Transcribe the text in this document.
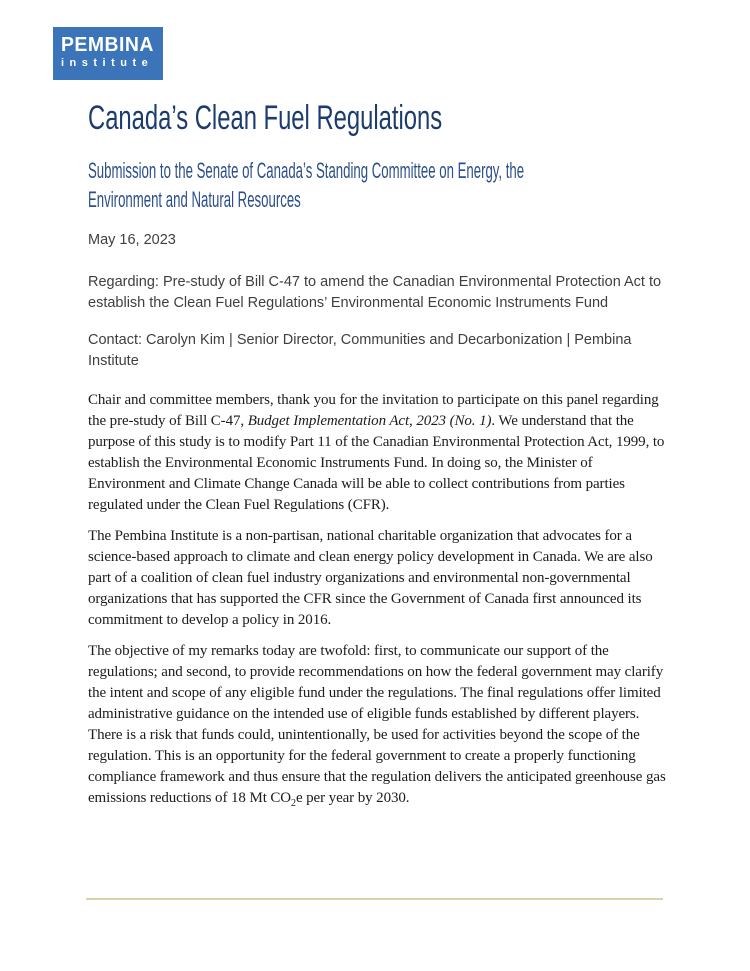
PEMBINA
institute
Canada’s Clean Fuel Regulations
Submission to the Senate of Canada’s Standing Committee on Energy, the Environment and Natural Resources

May 16, 2023

Regarding: Pre-study of Bill C-47 to amend the Canadian Environmental Protection Act to establish the Clean Fuel Regulations’ Environmental Economic Instruments Fund

Contact: Carolyn Kim | Senior Director, Communities and Decarbonization | Pembina Institute

Chair and committee members, thank you for the invitation to participate on this panel regarding the pre-study of Bill C-47, Budget Implementation Act, 2023 (No. 1). We understand that the purpose of this study is to modify Part 11 of the Canadian Environmental Protection Act, 1999, to establish the Environmental Economic Instruments Fund. In doing so, the Minister of Environment and Climate Change Canada will be able to collect contributions from parties regulated under the Clean Fuel Regulations (CFR).

The Pembina Institute is a non-partisan, national charitable organization that advocates for a science-based approach to climate and clean energy policy development in Canada. We are also part of a coalition of clean fuel industry organizations and environmental non-governmental organizations that has supported the CFR since the Government of Canada first announced its commitment to develop a policy in 2016.

The objective of my remarks today are twofold: first, to communicate our support of the regulations; and second, to provide recommendations on how the federal government may clarify the intent and scope of any eligible fund under the regulations. The final regulations offer limited administrative guidance on the intended use of eligible funds established by different players. There is a risk that funds could, unintentionally, be used for activities beyond the scope of the regulation. This is an opportunity for the federal government to create a properly functioning compliance framework and thus ensure that the regulation delivers the anticipated greenhouse gas emissions reductions of 18 Mt $CO_2e$ per year by 2030.
